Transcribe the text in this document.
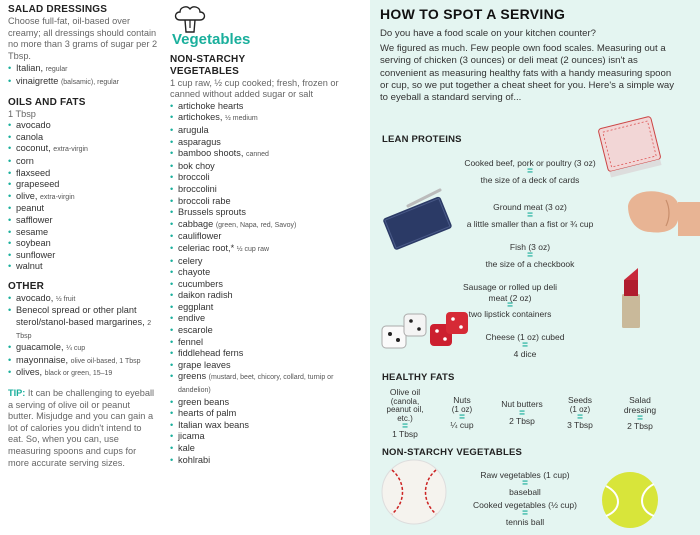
SALAD DRESSINGS

Choose full-fat, oil-based over creamy; all dressings should contain no more than 3 grams of sugar per 2 Tbsp.

• Italian, regular
• vinaigrette (balsamic), regular
OILS AND FATS

1 Tbsp

• avocado
• canola
• coconut, extra-virgin
• corn
• flaxseed
• grapeseed
• olive, extra-virgin
• peanut
• safflower
• sesame
• soybean
• sunflower
• walnut
OTHER
• avocado, ½ fruit
• Benecol spread or other plant sterol/stanol-based margarines, 2 Tbsp
• guacamole, ¼ cup
• mayonnaise, olive oil-based, 1 Tbsp
• olives, black or green, 15–19

TIP: It can be challenging to eyeball a serving of olive oil or peanut butter. Misjudge and you can gain a lot of calories you didn't intend to eat. So, when you can, use measuring spoons and cups for more accurate serving sizes.

Vegetables
NON-STARCHY VEGETABLES

1 cup raw, ½ cup cooked; fresh, frozen or canned without added sugar or salt

• artichoke hearts
• artichokes, ½ medium
• arugula
• asparagus
• bamboo shoots, canned
• bok choy
• broccoli
• broccolini
• broccoli rabe
• Brussels sprouts
• cabbage (green, Napa, red, Savoy)
• cauliflower
• celeriac root,* ½ cup raw
• celery
• chayote
• cucumbers
• daikon radish
• eggplant
• endive
• escarole
• fennel
• fiddlehead ferns
• grape leaves
• greens (mustard, beet, chicory, collard, turnip or dandelion)
• green beans
• hearts of palm
• Italian wax beans
• jicama
• kale
• kohlrabi
HOW TO SPOT A SERVING

Do you have a food scale on your kitchen counter?

We figured as much. Few people own food scales. Measuring out a serving of chicken (3 ounces) or deli meat (2 ounces) isn't as convenient as measuring healthy fats with a handy measuring spoon or cup, so we put together a cheat sheet for you. Here's a simple way to eyeball a standard serving of...

LEAN PROTEINS
Cooked beef, pork or poultry (3 oz)
=
the size of a deck of cards
Ground meat (3 oz)
=
a little smaller than a fist or ¾ cup
Fish (3 oz)
=
the size of a checkbook
Sausage or rolled up deli meat (2 oz)
=
two lipstick containers
Cheese (1 oz) cubed
=
4 dice
HEALTHY FATS
Olive oil
(canola, peanut oil, etc.)
=
1 Tbsp
Nuts
(1 oz)
=
¼ cup
Nut butters
=
2 Tbsp
Seeds
(1 oz)
=
3 Tbsp
Salad dressing
=
2 Tbsp
NON-STARCHY VEGETABLES
Raw vegetables (1 cup)
=
baseball
Cooked vegetables (½ cup)
=
tennis ball
